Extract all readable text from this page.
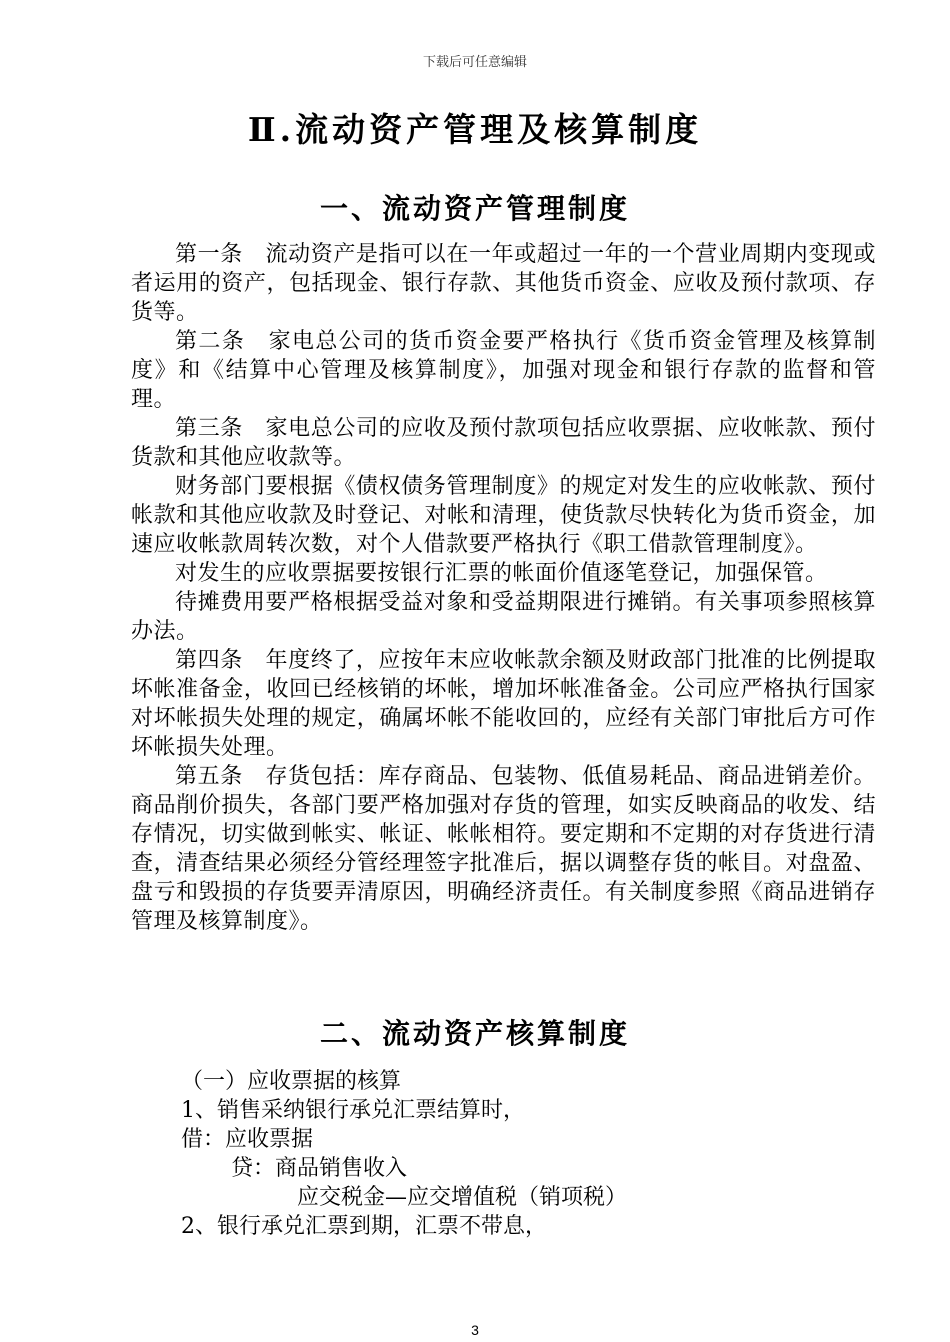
下载后可任意编辑
Ⅱ.流动资产管理及核算制度
一、流动资产管理制度

第一条　流动资产是指可以在一年或超过一年的一个营业周期内变现或者运用的资产，包括现金、银行存款、其他货币资金、应收及预付款项、存货等。

第二条　家电总公司的货币资金要严格执行《货币资金管理及核算制度》和《结算中心管理及核算制度》，加强对现金和银行存款的监督和管理。

第三条　家电总公司的应收及预付款项包括应收票据、应收帐款、预付货款和其他应收款等。

财务部门要根据《债权债务管理制度》的规定对发生的应收帐款、预付帐款和其他应收款及时登记、对帐和清理，使货款尽快转化为货币资金，加速应收帐款周转次数，对个人借款要严格执行《职工借款管理制度》。

对发生的应收票据要按银行汇票的帐面价值逐笔登记，加强保管。

待摊费用要严格根据受益对象和受益期限进行摊销。有关事项参照核算办法。

第四条　年度终了，应按年末应收帐款余额及财政部门批准的比例提取坏帐准备金，收回已经核销的坏帐，增加坏帐准备金。公司应严格执行国家对坏帐损失处理的规定，确属坏帐不能收回的，应经有关部门审批后方可作坏帐损失处理。

第五条　存货包括：库存商品、包装物、低值易耗品、商品进销差价。商品削价损失，各部门要严格加强对存货的管理，如实反映商品的收发、结存情况，切实做到帐实、帐证、帐帐相符。要定期和不定期的对存货进行清查，清查结果必须经分管经理签字批准后，据以调整存货的帐目。对盘盈、盘亏和毁损的存货要弄清原因，明确经济责任。有关制度参照《商品进销存管理及核算制度》。

二、流动资产核算制度
（一）应收票据的核算
1、销售采纳银行承兑汇票结算时，
借：应收票据
贷：商品销售收入
应交税金—应交增值税（销项税）
2、银行承兑汇票到期，汇票不带息，
3
